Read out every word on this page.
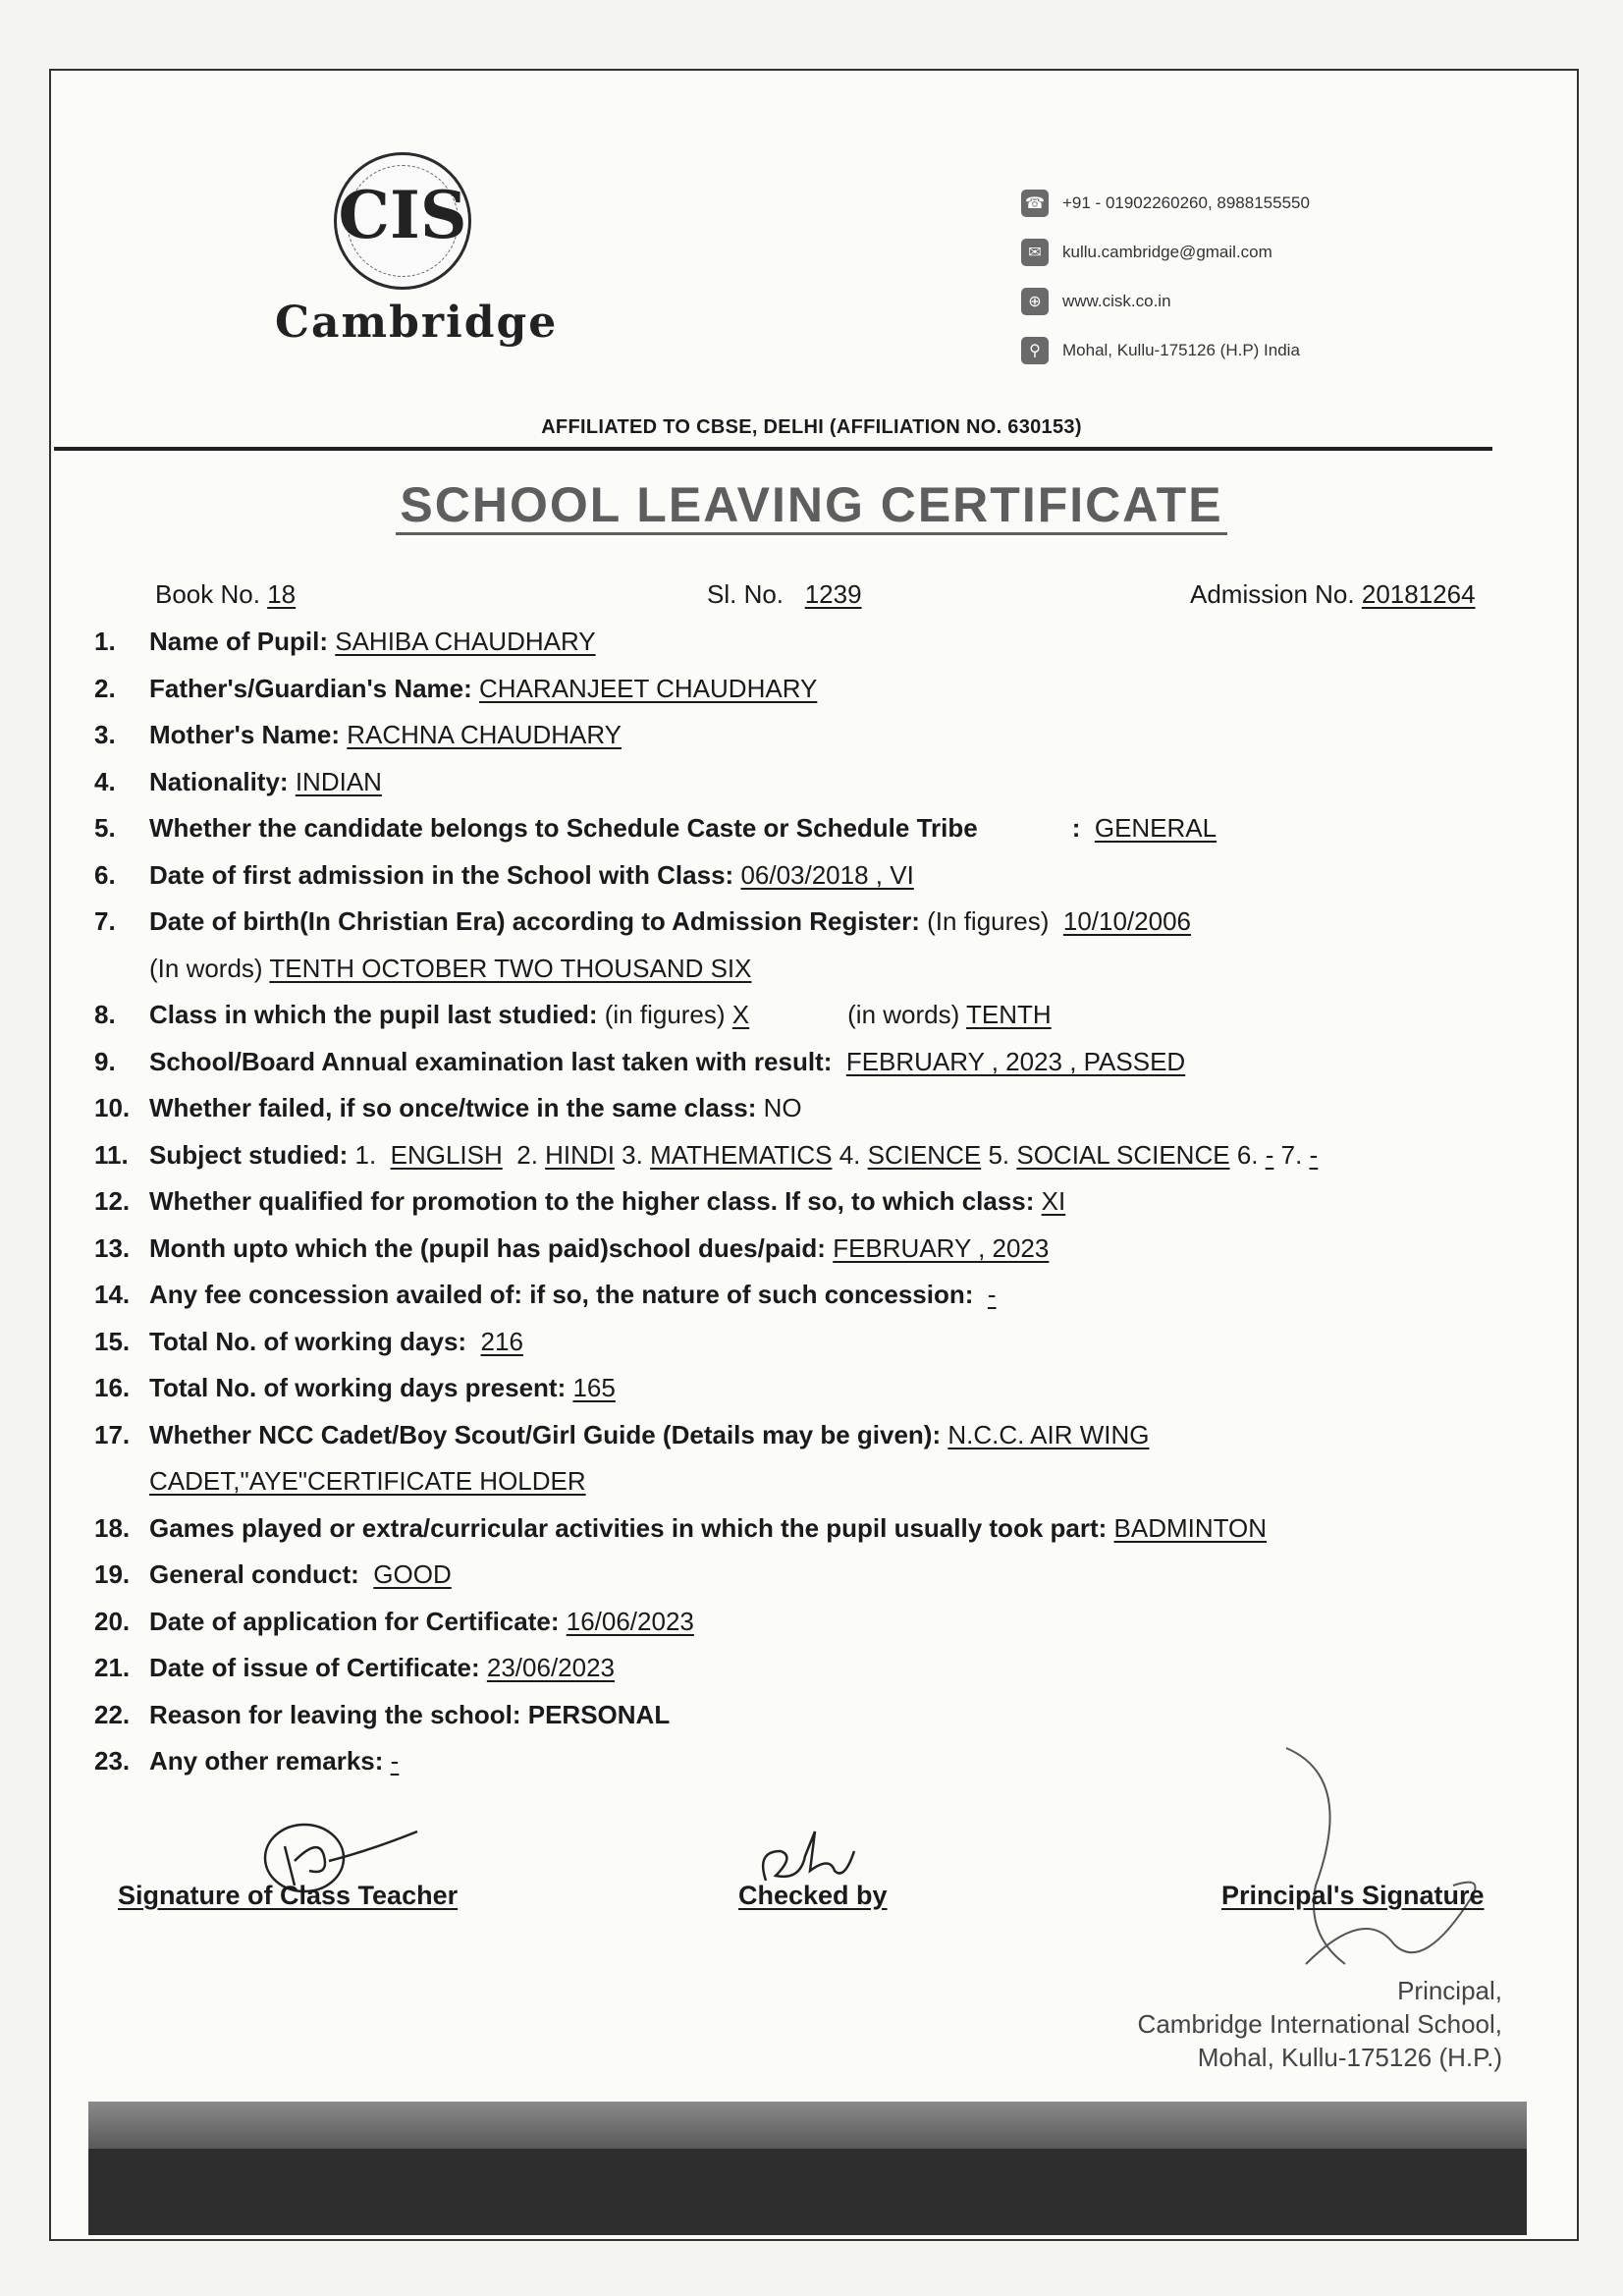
CIS
Cambridge
☎ +91 - 01902260260, 8988155550
✉	kullu.cambridge@gmail.com
⊕	www.cisk.co.in
⚲	Mohal, Kullu-175126 (H.P) India
AFFILIATED TO CBSE, DELHI (AFFILIATION NO. 630153)
SCHOOL LEAVING CERTIFICATE
Book No. 18	Sl. No. 1239	Admission No. 20181264
1. Name of Pupil: SAHIBA CHAUDHARY
2. Father's/Guardian's Name: CHARANJEET CHAUDHARY
3. Mother's Name: RACHNA CHAUDHARY
4. Nationality: INDIAN
5. Whether the candidate belongs to Schedule Caste or Schedule Tribe	: GENERAL
6. Date of first admission in the School with Class: 06/03/2018 , VI
7. Date of birth(In Christian Era) according to Admission Register: (In figures) 10/10/2006
(In words) TENTH OCTOBER TWO THOUSAND SIX
8. Class in which the pupil last studied: (in figures) X	(in words) TENTH
9. School/Board Annual examination last taken with result: FEBRUARY , 2023 , PASSED
10. Whether failed, if so once/twice in the same class: NO
11. Subject studied: 1. ENGLISH 2. HINDI 3. MATHEMATICS 4. SCIENCE 5. SOCIAL SCIENCE 6. - 7. -
12. Whether qualified for promotion to the higher class. If so, to which class: XI
13. Month upto which the (pupil has paid)school dues/paid: FEBRUARY , 2023
14. Any fee concession availed of: if so, the nature of such concession: -
15. Total No. of working days: 216
16. Total No. of working days present: 165
17. Whether NCC Cadet/Boy Scout/Girl Guide (Details may be given): N.C.C. AIR WING
CADET,"AYE"CERTIFICATE HOLDER
18. Games played or extra/curricular activities in which the pupil usually took part: BADMINTON
19. General conduct: GOOD
20. Date of application for Certificate: 16/06/2023
21. Date of issue of Certificate: 23/06/2023
22. Reason for leaving the school: PERSONAL
23. Any other remarks: -
Signature of Class Teacher	Checked by	Principal's Signature
Principal,
Cambridge International School,
Mohal, Kullu-175126 (H.P.)
